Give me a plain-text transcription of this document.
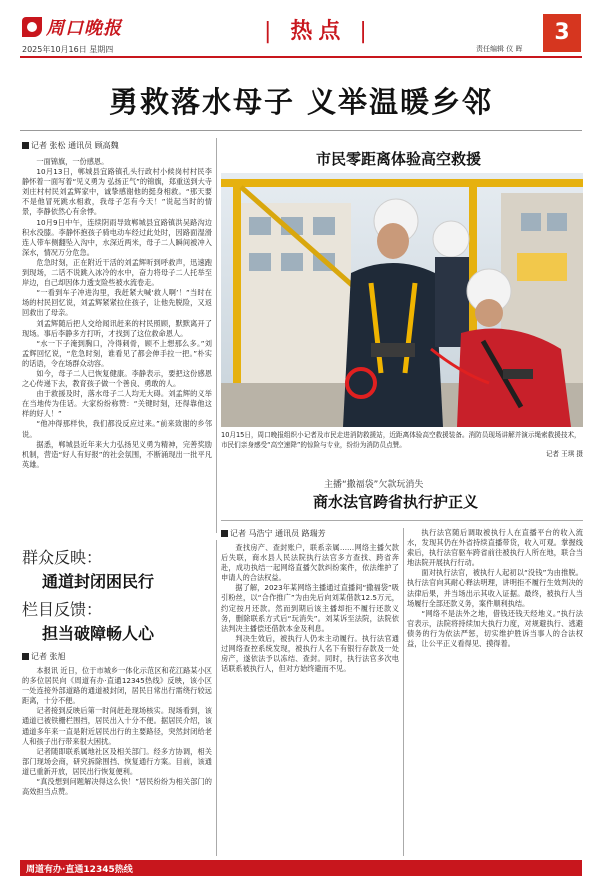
周口晚报
2025年10月16日 星期四
| 热点 |
责任编辑 仪 晖
3
勇救落水母子 义举温暖乡邻
记者 张松 通讯员 顾高魏

一面锦旗，一份感恩。

10月13日，郸城县宜路镇孔头行政村小候岗村村民李静怀着一面写着“见义勇为 弘扬正气”的锦旗，郑重送到大寺刘庄村村民刘孟辉家中，诚挚感谢他的挺身相救。“那天要不是他冒死跳水相救，我母子怎有今天！”说起当时的情景，李静依然心有余悸。

10月9日中午，连续阴雨导致郸城县宜路镇洪吴路沟边积水没膝。李静怀抱孩子骑电动车经过此处时，因路面湿滑连人带车侧翻坠入沟中，水深近两米，母子二人瞬间被冲入深水，情况万分危急。

危急时刻，正在附近干活的刘孟辉听到呼救声，迅速跑到现场，二话不说跳入冰冷的水中，奋力将母子二人托举至岸边，自己却因体力透支险些被水流卷走。

“一看到车子冲进沟里，我赶紧大喊‘救人啊’！”当时在场的村民回忆说，刘孟辉紧紧拉住孩子，让他先脱险，又返回救出了母亲。

刘孟辉随后把人交给闻讯赶来的村民照顾，默默离开了现场。事后李静多方打听，才找到了这位救命恩人。

“水一下子淹到胸口，冷得刺骨，顾不上想那么多。”刘孟辉回忆说，“危急时刻，谁看见了都会伸手拉一把。”朴实的话语，令在场群众动容。

如今，母子二人已恢复健康。李静表示，要把这份感恩之心传递下去，教育孩子做一个善良、勇敢的人。

由于救援及时，落水母子二人均无大碍。刘孟辉的义举在当地传为佳话。大家纷纷称赞：“关键时刻，还得靠他这样的好人！”

“他冲得那样快，我们都没反应过来。”前来致谢的乡邻说。

据悉，郸城县近年来大力弘扬见义勇为精神，完善奖励机制，营造“好人有好报”的社会氛围，不断涌现出一批平凡英雄。

市民零距离体验高空救援
10月15日，周口晚报组织小记者及市民走进消防救援站，近距离体验高空救援装备。消防员现场讲解并演示绳索救援技术，市民们亲身感受“高空速降”的惊险与专业，纷纷为消防员点赞。
记者 王琪 摄
主播“撒福袋”欠款玩消失
商水法官跨省执行护正义
记者 马浩宁 通讯员 路瑞芳

查找房产、查封账户，联系亲属……网络主播欠款后失联，商水县人民法院执行法官多方查找、跨省奔赴，成功执结一起网络直播欠款纠纷案件，依法维护了申请人的合法权益。

据了解，2023年某网络主播通过直播间“撒福袋”吸引粉丝，以“合作推广”为由先后向刘某借款12.5万元，约定按月还款。然而到期后该主播却拒不履行还款义务，删除联系方式后“玩消失”。刘某诉至法院，法院依法判决主播偿还借款本金及利息。

判决生效后，被执行人仍未主动履行。执行法官通过网络查控系统发现，被执行人名下有银行存款及一处房产，遂依法予以冻结、查封。同时，执行法官多次电话联系被执行人，但对方始终避而不见。

执行法官随后调取被执行人在直播平台的收入流水，发现其仍在外省持续直播带货，收入可观。掌握线索后，执行法官驱车跨省前往被执行人所在地，联合当地法院开展执行行动。

面对执行法官，被执行人起初以“没钱”为由推脱。执行法官向其耐心释法明理，讲明拒不履行生效判决的法律后果，并当场出示其收入证据。最终，被执行人当场履行全部还款义务，案件顺利执结。

“网络不是法外之地，借钱还钱天经地义。”执行法官表示，法院将持续加大执行力度，对规避执行、逃避债务的行为依法严惩，切实维护胜诉当事人的合法权益，让公平正义看得见、摸得着。

群众反映：
通道封闭困民行
栏目反馈：
担当破障畅人心
记者 张旭

本报讯 近日，位于市城乡一体化示范区和花江路某小区的多位居民向《周道有办·直通12345热线》反映，该小区一处连接外部道路的通道被封闭，居民日常出行需绕行较远距离，十分不便。

记者接到反映后第一时间赶赴现场核实。现场看到，该通道已被铁栅栏围挡，居民出入十分不便。据居民介绍，该通道多年来一直是附近居民出行的主要路径，突然封闭给老人和孩子出行带来很大困扰。

记者随即联系属地社区及相关部门。经多方协调，相关部门现场会商，研究拆除围挡、恢复通行方案。目前，该通道已重新开放，居民出行恢复便利。

“真没想到问题解决得这么快！”居民纷纷为相关部门的高效担当点赞。

周道有办·直通12345热线
